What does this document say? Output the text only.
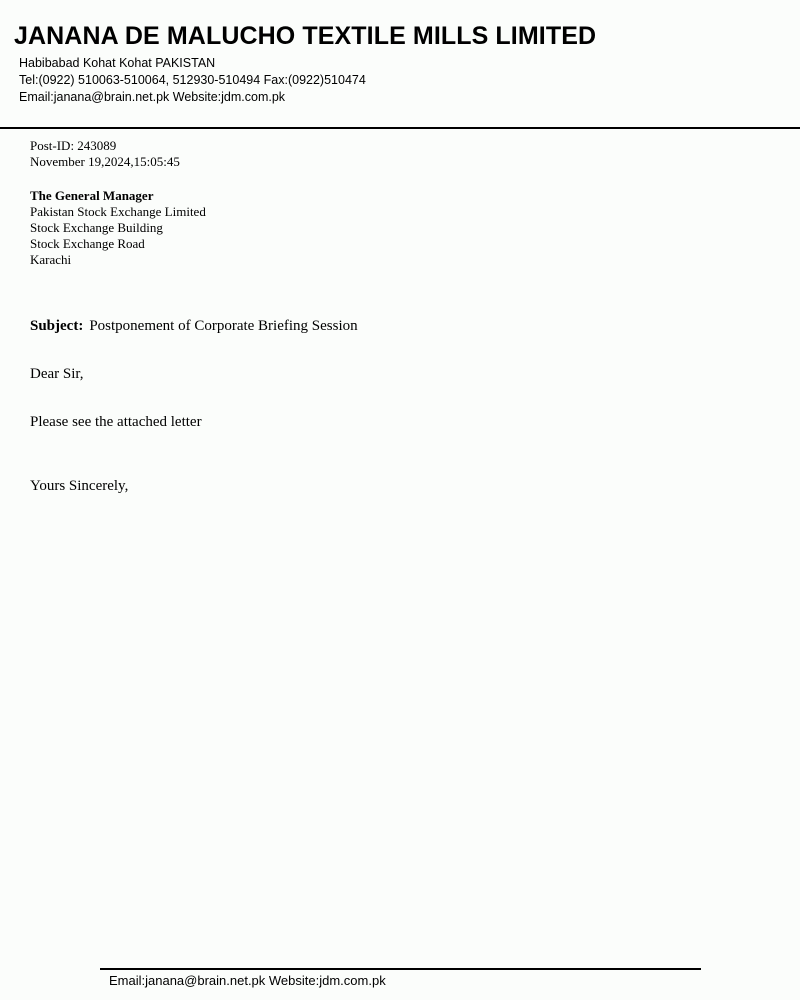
JANANA DE MALUCHO TEXTILE MILLS LIMITED
Habibabad Kohat Kohat PAKISTAN
Tel:(0922) 510063-510064, 512930-510494 Fax:(0922)510474
Email:janana@brain.net.pk Website:jdm.com.pk
Post-ID: 243089
November 19,2024,15:05:45
The General Manager
Pakistan Stock Exchange Limited
Stock Exchange Building
Stock Exchange Road
Karachi
Subject: Postponement of Corporate Briefing Session
Dear Sir,
Please see the attached letter
Yours Sincerely,
Email:janana@brain.net.pk Website:jdm.com.pk
